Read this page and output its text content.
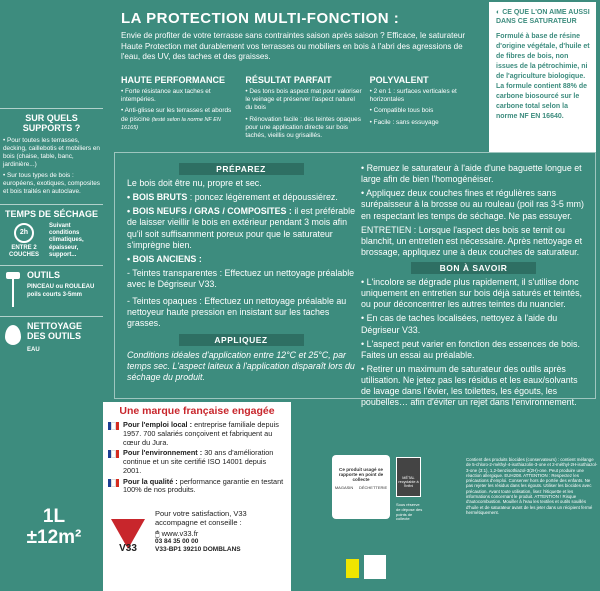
LA PROTECTION MULTI-FONCTION :
Envie de profiter de votre terrasse sans contraintes saison après saison ? Efficace, le saturateur Haute Protection met durablement vos terrasses ou mobiliers en bois à l'abri des agressions de l'eau, des UV, des taches et des graisses.
HAUTE PERFORMANCE
• Forte résistance aux taches et intempéries.
• Anti-glisse sur les terrasses et abords de piscine (testé selon la norme NF EN 16165)
RÉSULTAT PARFAIT
• Des tons bois aspect mat pour valoriser le veinage et préserver l'aspect naturel du bois
• Rénovation facile : des teintes opaques pour une application directe sur bois tachés, vieillis ou grisaillés.
POLYVALENT
• 2 en 1 : surfaces verticales et horizontales
• Compatible tous bois
• Facile : sans essuyage
◐ CE QUE L'ON AIME AUSSI DANS CE SATURATEUR
Formulé à base de résine d'origine végétale, d'huile et de fibres de bois, non issues de la pétrochimie, ni de l'agriculture biologique. La formule contient 88% de carbone biosourcé sur le carbone total selon la norme NF EN 16640.
SUR QUELS SUPPORTS ?
• Pour toutes les terrasses, decking, caillebotis et mobiliers en bois (chaise, table, banc, jardinière...)
• Sur tous types de bois : européens, exotiques, composites et bois traités en autoclave.
TEMPS DE SÉCHAGE
2h
ENTRE 2 COUCHES
Suivant conditions climatiques, épaisseur, support...
OUTILS
PINCEAU ou ROULEAU poils courts 3-5mm
NETTOYAGE DES OUTILS
EAU
PRÉPAREZ
Le bois doit être nu, propre et sec.
• BOIS BRUTS : poncez légèrement et dépoussiérez.
• BOIS NEUFS / GRAS / COMPOSITES : il est préférable de laisser vieillir le bois en extérieur pendant 3 mois afin qu'il soit suffisamment poreux pour que le saturateur s'imprègne bien.
• BOIS ANCIENS :
- Teintes transparentes : Effectuez un nettoyage préalable avec le Dégriseur V33.
- Teintes opaques : Effectuez un nettoyage préalable au nettoyeur haute pression en insistant sur les taches grasses.
APPLIQUEZ
Conditions idéales d'application entre 12°C et 25°C, par temps sec. L'aspect laiteux à l'application disparaît lors du séchage du produit.
• Remuez le saturateur à l'aide d'une baguette longue et large afin de bien l'homogénéiser.
• Appliquez deux couches fines et régulières sans surépaisseur à la brosse ou au rouleau (poil ras 3-5 mm) en respectant les temps de séchage. Ne pas essuyer.
ENTRETIEN : Lorsque l'aspect des bois se ternit ou blanchit, un entretien est nécessaire. Après nettoyage et brossage, appliquez une à deux couches de saturateur.
BON À SAVOIR
• L'incolore se dégrade plus rapidement, il s'utilise donc uniquement en entretien sur bois déjà saturés et teintés, ou pour déconcentrer les autres teintes du nuancier.
• En cas de taches localisées, nettoyez à l'aide du Dégriseur V33.
• L'aspect peut varier en fonction des essences de bois. Faites un essai au préalable.
• Retirer un maximum de saturateur des outils après utilisation. Ne jetez pas les résidus et les eaux/solvants de lavage dans l'évier, les toilettes, les égouts, les poubelles… afin d'éviter un rejet dans l'environnement.
Une marque française engagée
Pour l'emploi local : entreprise familiale depuis 1957. 700 salariés conçoivent et fabriquent au cœur du Jura.
Pour l'environnement : 30 ans d'amélioration continue et un site certifié ISO 14001 depuis 2001.
Pour la qualité : performance garantie en testant 100% de nos produits.
V33
Pour votre satisfaction, V33 accompagne et conseille :
🖱 www.v33.fr
03 84 35 00 00
V33-BP1 39210 DOMBLANS
1L
±12m²
Ce produit usagé se rapporte en point de collecte
MAGASIN DÉCHETTERIE
MÉTAL recyclable à l'infini
Sous réserve de dépose des points de collecte
Contient des produits biocides (conservateurs) : contient mélange de 5-chloro-2-méthyl-4-isothiazolin-3-one et 2-méthyl-2H-isothiazol-3-one (3:1), 1,2-benzisothiazol-3(2H)-one. Peut produire une réaction allergique. EUH208. ATTENTION : Respectez les précautions d'emploi. Conserver hors de portée des enfants. Ne pas rejeter les résidus dans les égouts. Utiliser les biocides avec précaution. Avant toute utilisation, lisez l'étiquette et les informations concernant le produit. ATTENTION ! Risque d'autocombustion. Mouiller à l'eau les textiles et outils souillés d'huile et de saturateur avant de les jeter dans un récipient fermé hermétiquement.
